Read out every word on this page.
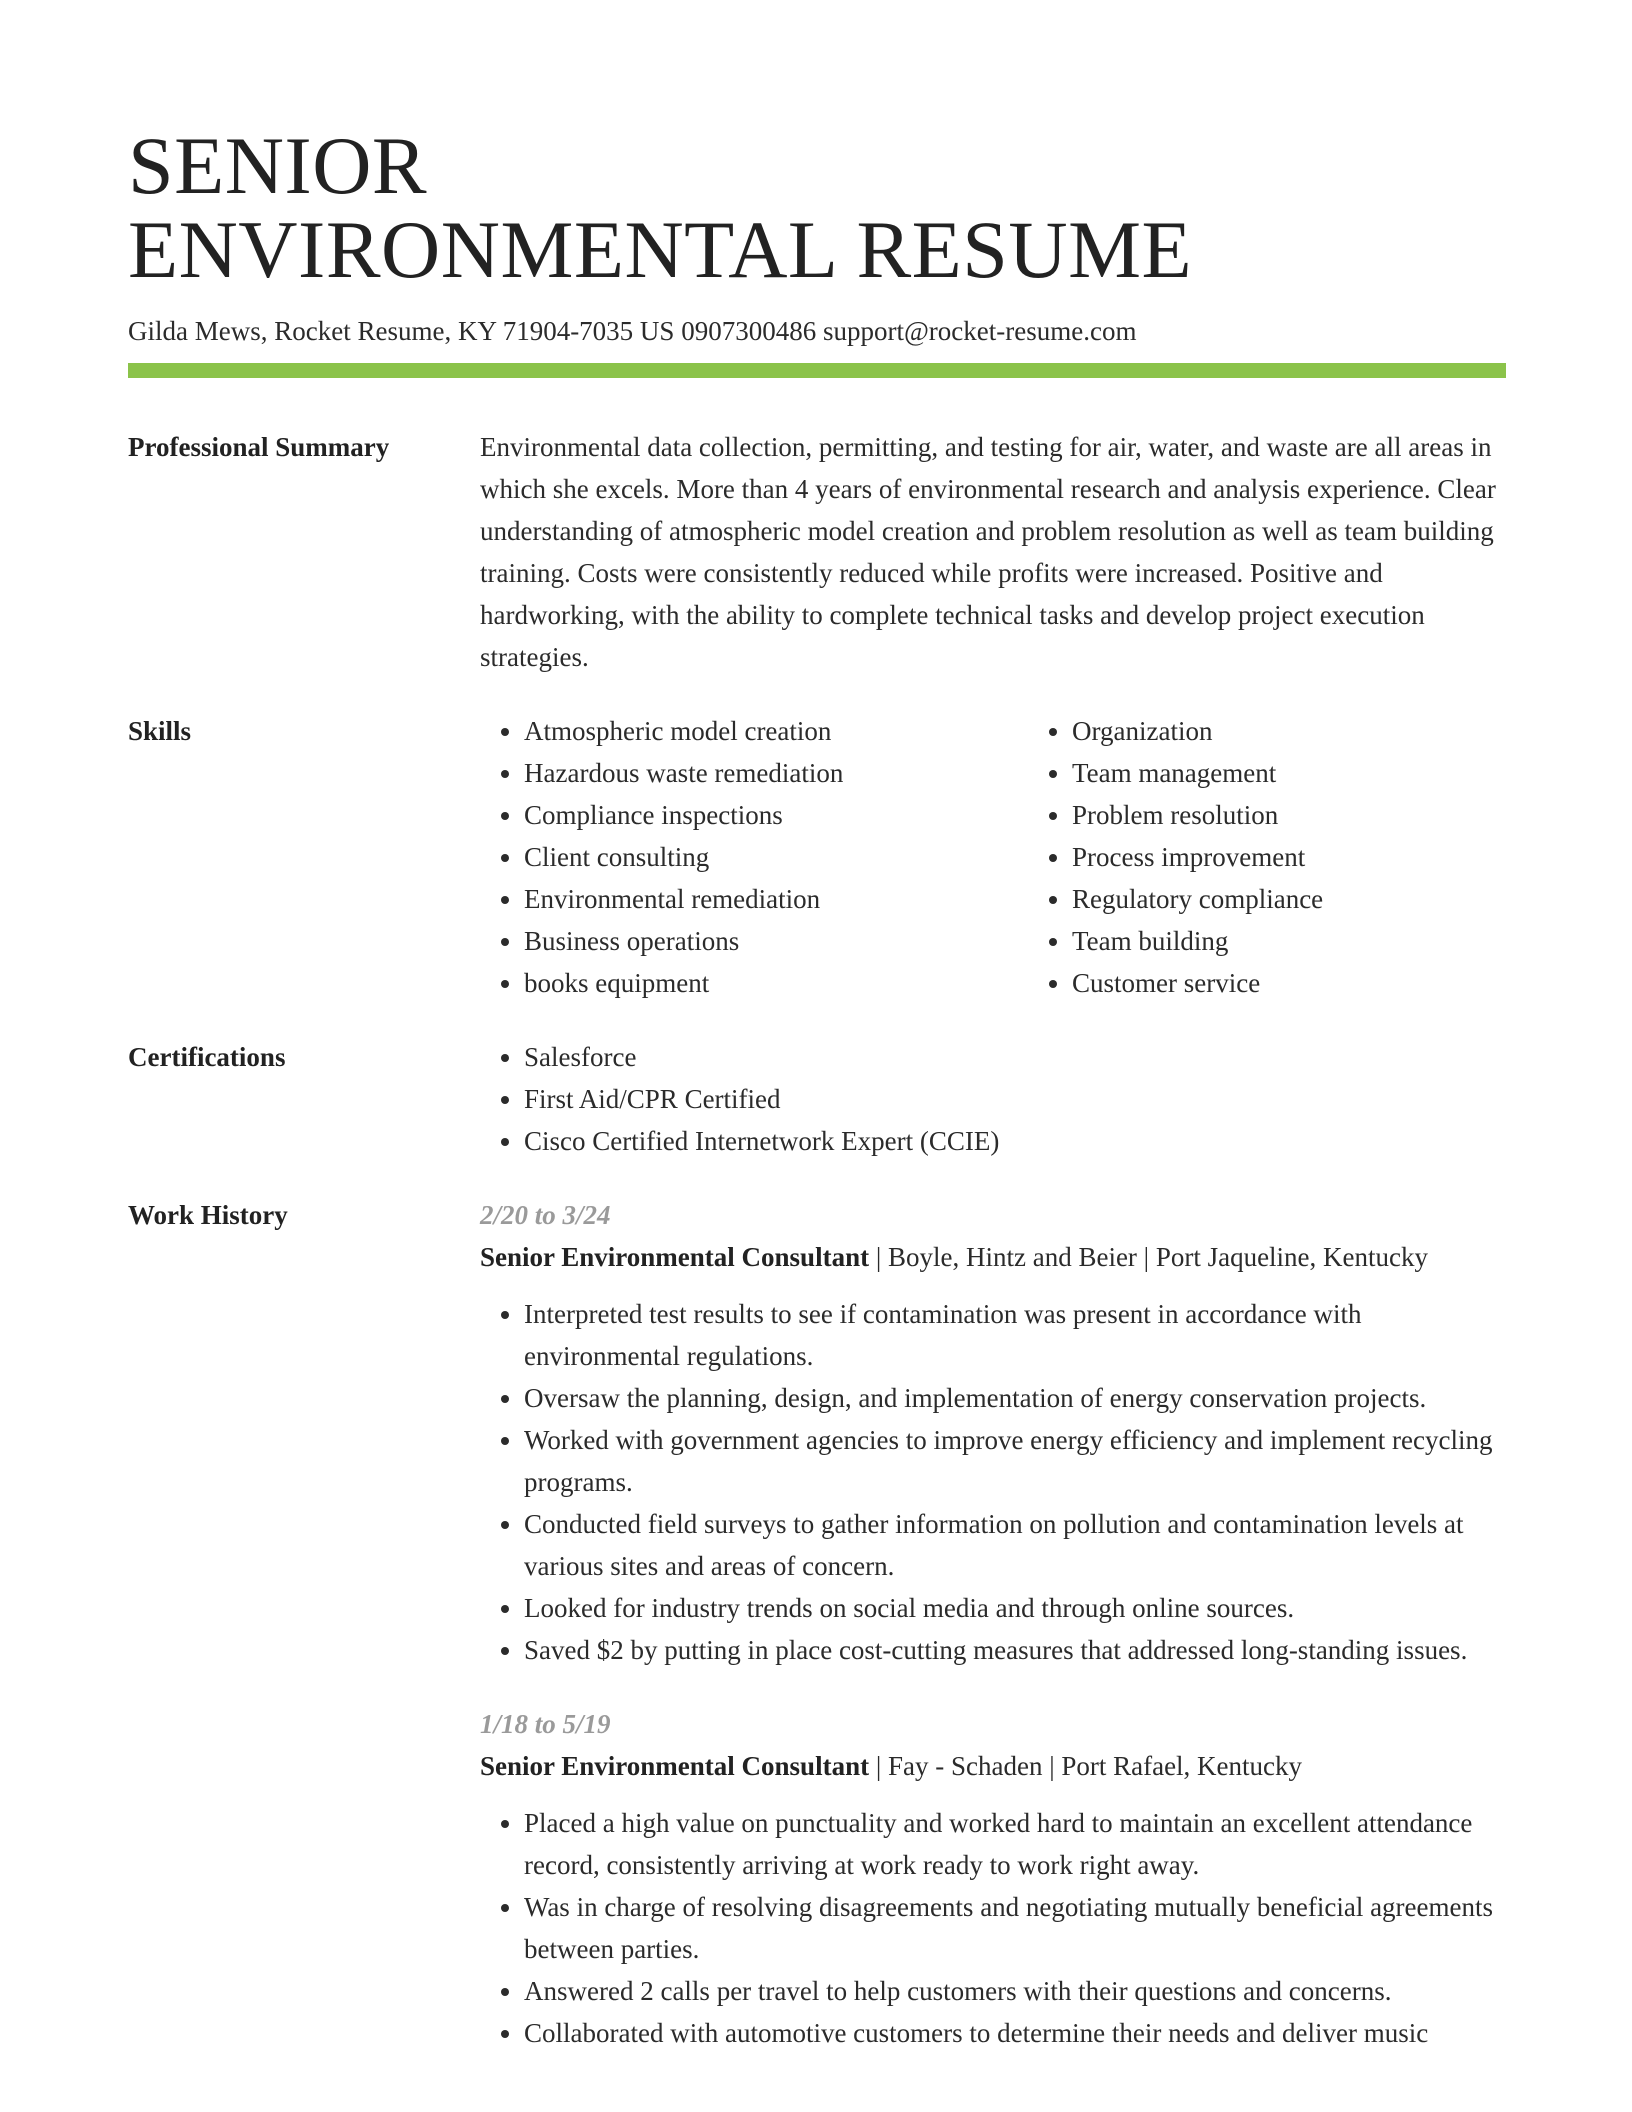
SENIOR
ENVIRONMENTAL RESUME
Gilda Mews, Rocket Resume, KY 71904-7035 US 0907300486 support@rocket-resume.com
Professional Summary	Environmental data collection, permitting, and testing for air, water, and waste are all areas in which she excels. More than 4 years of environmental research and analysis experience. Clear understanding of atmospheric model creation and problem resolution as well as team building training. Costs were consistently reduced while profits were increased. Positive and hardworking, with the ability to complete technical tasks and develop project execution strategies.
Skills	• Atmospheric model creation
• Hazardous waste remediation
• Compliance inspections
• Client consulting
• Environmental remediation
• Business operations
• books equipment
• Organization
• Team management
• Problem resolution
• Process improvement
• Regulatory compliance
• Team building
• Customer service
Certifications	• Salesforce
• First Aid/CPR Certified
• Cisco Certified Internetwork Expert (CCIE)
Work History	2/20 to 3/24
Senior Environmental Consultant | Boyle, Hintz and Beier | Port Jaqueline, Kentucky
• Interpreted test results to see if contamination was present in accordance with environmental regulations.
• Oversaw the planning, design, and implementation of energy conservation projects.
• Worked with government agencies to improve energy efficiency and implement recycling programs.
• Conducted field surveys to gather information on pollution and contamination levels at various sites and areas of concern.
• Looked for industry trends on social media and through online sources.
• Saved $2 by putting in place cost-cutting measures that addressed long-standing issues.
1/18 to 5/19
Senior Environmental Consultant | Fay - Schaden | Port Rafael, Kentucky
• Placed a high value on punctuality and worked hard to maintain an excellent attendance record, consistently arriving at work ready to work right away.
• Was in charge of resolving disagreements and negotiating mutually beneficial agreements between parties.
• Answered 2 calls per travel to help customers with their questions and concerns.
• Collaborated with automotive customers to determine their needs and deliver music
